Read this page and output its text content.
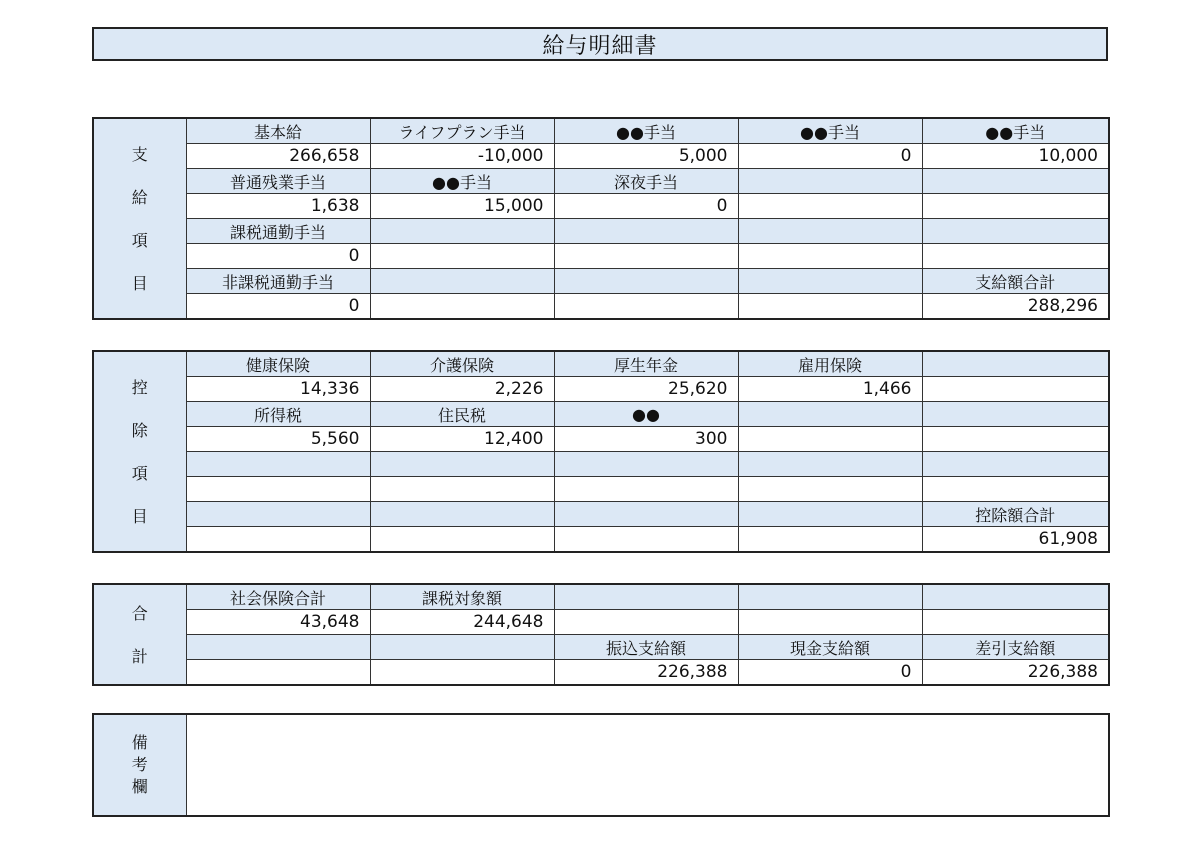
給与明細書
支
給
項
目	基本給	ライフプラン手当	●●手当	●●手当	●●手当
	266,658	-10,000	5,000	0	10,000
	普通残業手当	●●手当	深夜手当		
	1,638	15,000	0		
	課税通勤手当				
	0				
	非課税通勤手当				支給額合計
	0				288,296
控
除
項
目	健康保険	介護保険	厚生年金	雇用保険	
	14,336	2,226	25,620	1,466	
	所得税	住民税	●●		
	5,560	12,400	300		

					控除額合計
					61,908
合
計	社会保険合計	課税対象額			
	43,648	244,648			
			振込支給額	現金支給額	差引支給額
			226,388	0	226,388
備
考
欄	
